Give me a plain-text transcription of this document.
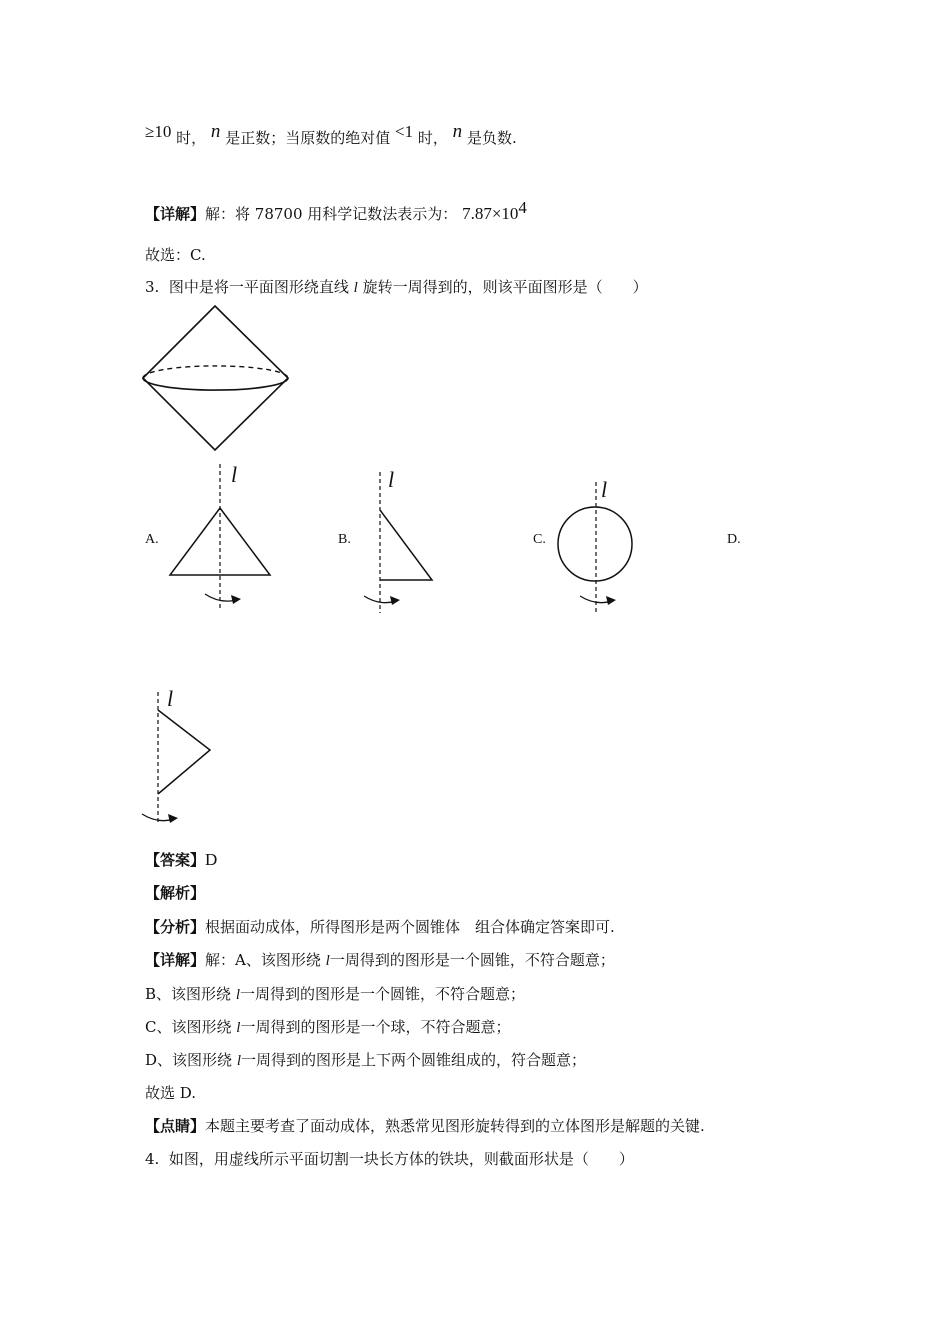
≥10 时， n 是正数；当原数的绝对值 <1 时， n 是负数.
【详解】解：将 78700 用科学记数法表示为： $7.87\times 10^4$
故选：C.
3. 图中是将一平面图形绕直线 l 旋转一周得到的，则该平面图形是（　　）
A.
l
B.
l
C.
l
D.
l
【答案】D
【解析】
【分析】根据面动成体，所得图形是两个圆锥体　组合体确定答案即可.
【详解】解：A、该图形绕 l一周得到的图形是一个圆锥，不符合题意；
B、该图形绕 l一周得到的图形是一个圆锥，不符合题意；
C、该图形绕 l一周得到的图形是一个球，不符合题意；
D、该图形绕 l一周得到的图形是上下两个圆锥组成的，符合题意；
故选 D.
【点睛】本题主要考查了面动成体，熟悉常见图形旋转得到的立体图形是解题的关键.
4. 如图，用虚线所示平面切割一块长方体的铁块，则截面形状是（　　）
